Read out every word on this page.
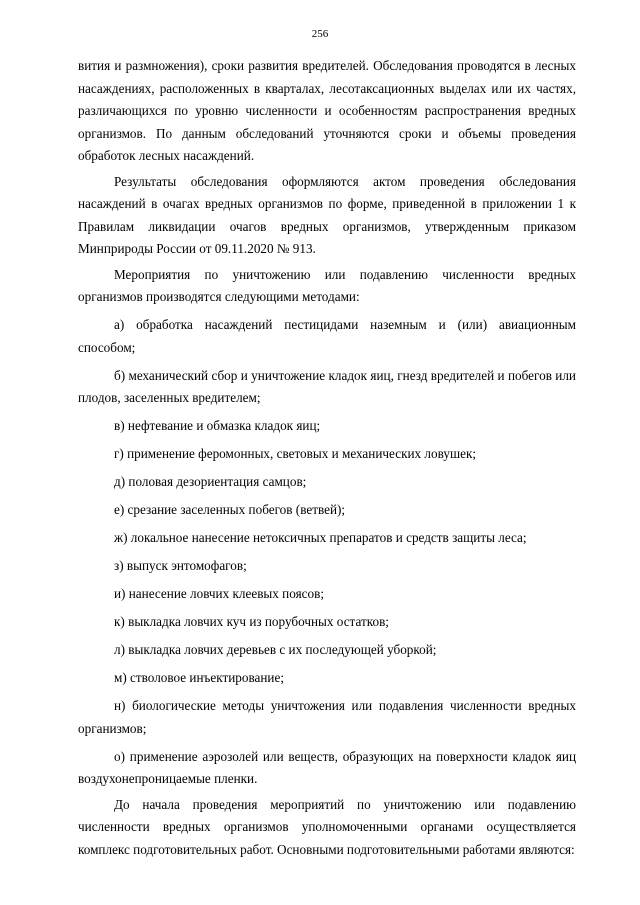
256

вития и размножения), сроки развития вредителей. Обследования проводятся в лесных насаждениях, расположенных в кварталах, лесотаксационных выделах или их частях, различающихся по уровню численности и особенностям распространения вредных организмов. По данным обследований уточняются сроки и объемы проведения обработок лесных насаждений.

Результаты обследования оформляются актом проведения обследования насаждений в очагах вредных организмов по форме, приведенной в приложении 1 к Правилам ликвидации очагов вредных организмов, утвержденным приказом Минприроды России от 09.11.2020 № 913.

Мероприятия по уничтожению или подавлению численности вредных организмов производятся следующими методами:

а) обработка насаждений пестицидами наземным и (или) авиационным способом;

б) механический сбор и уничтожение кладок яиц, гнезд вредителей и побегов или плодов, заселенных вредителем;

в) нефтевание и обмазка кладок яиц;

г) применение феромонных, световых и механических ловушек;

д) половая дезориентация самцов;

е) срезание заселенных побегов (ветвей);

ж) локальное нанесение нетоксичных препаратов и средств защиты леса;

з) выпуск энтомофагов;

и) нанесение ловчих клеевых поясов;

к) выкладка ловчих куч из порубочных остатков;

л) выкладка ловчих деревьев с их последующей уборкой;

м) стволовое инъектирование;

н) биологические методы уничтожения или подавления численности вредных организмов;

о) применение аэрозолей или веществ, образующих на поверхности кладок яиц воздухонепроницаемые пленки.

До начала проведения мероприятий по уничтожению или подавлению численности вредных организмов уполномоченными органами осуществляется комплекс подготовительных работ. Основными подготовительными работами являются:
